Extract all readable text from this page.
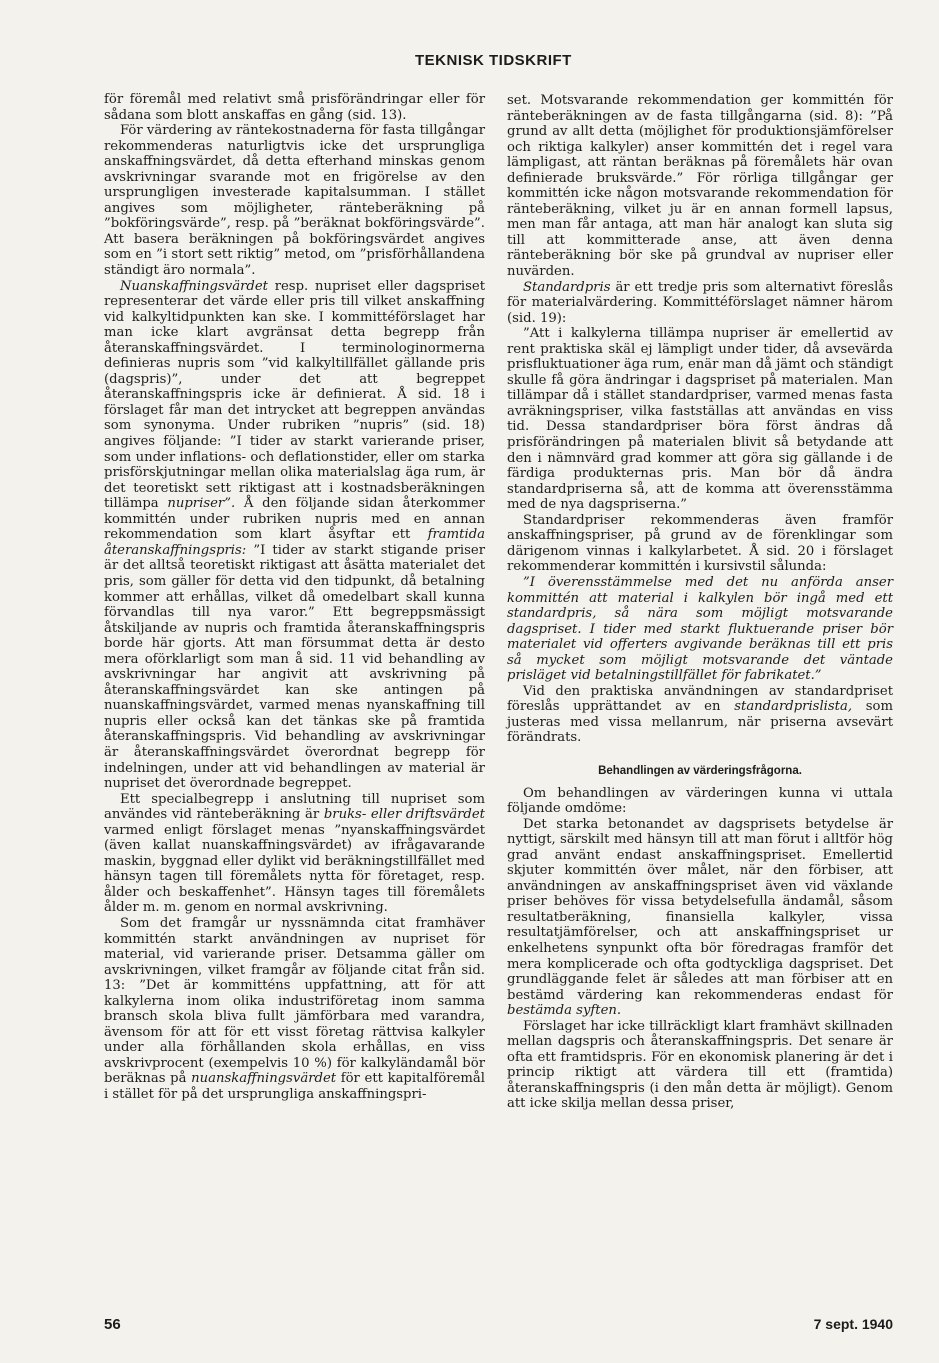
TEKNISK TIDSKRIFT

för föremål med relativt små prisförändringar eller för sådana som blott anskaffas en gång (sid. 13).

För värdering av räntekostnaderna för fasta tillgångar rekommenderas naturligtvis icke det ursprungliga anskaffningsvärdet, då detta efterhand minskas genom avskrivningar svarande mot en frigörelse av den ursprungligen investerade kapitalsumman. I stället angives som möjligheter, ränteberäkning på ”bokföringsvärde”, resp. på ”beräknat bokföringsvärde”. Att basera beräkningen på bokföringsvärdet angives som en ”i stort sett riktig” metod, om ”prisförhållandena ständigt äro normala”.

Nuanskaffningsvärdet resp. nupriset eller dagspriset representerar det värde eller pris till vilket anskaffning vid kalkyltidpunkten kan ske. I kommittéförslaget har man icke klart avgränsat detta begrepp från återanskaffningsvärdet. I terminologinormerna definieras nupris som ”vid kalkyltillfället gällande pris (dagspris)”, under det att begreppet återanskaffningspris icke är definierat. Å sid. 18 i förslaget får man det intrycket att begreppen användas som synonyma. Under rubriken ”nupris” (sid. 18) angives följande: ”I tider av starkt varierande priser, som under inflations- och deflationstider, eller om starka prisförskjutningar mellan olika materialslag äga rum, är det teoretiskt sett riktigast att i kostnadsberäkningen tillämpa nupriser”. Å den följande sidan återkommer kommittén under rubriken nupris med en annan rekommendation som klart åsyftar ett framtida återanskaffningspris: ”I tider av starkt stigande priser är det alltså teoretiskt riktigast att åsätta materialet det pris, som gäller för detta vid den tidpunkt, då betalning kommer att erhållas, vilket då omedelbart skall kunna förvandlas till nya varor.” Ett begreppsmässigt åtskiljande av nupris och framtida återanskaffningspris borde här gjorts. Att man försummat detta är desto mera oförklarligt som man å sid. 11 vid behandling av avskrivningar har angivit att avskrivning på återanskaffningsvärdet kan ske antingen på nuanskaffningsvärdet, varmed menas nyanskaffning till nupris eller också kan det tänkas ske på framtida återanskaffningspris. Vid behandling av avskrivningar är återanskaffningsvärdet överordnat begrepp för indelningen, under att vid behandlingen av material är nupriset det överordnade begreppet.

Ett specialbegrepp i anslutning till nupriset som användes vid ränteberäkning är bruks- eller driftsvärdet varmed enligt förslaget menas ”nyanskaffningsvärdet (även kallat nuanskaffningsvärdet) av ifrågavarande maskin, byggnad eller dylikt vid beräkningstillfället med hänsyn tagen till föremålets nytta för företaget, resp. ålder och beskaffenhet”. Hänsyn tages till föremålets ålder m. m. genom en normal avskrivning.

Som det framgår ur nyssnämnda citat framhäver kommittén starkt användningen av nupriset för material, vid varierande priser. Detsamma gäller om avskrivningen, vilket framgår av följande citat från sid. 13: ”Det är kommitténs uppfattning, att för att kalkylerna inom olika industriföretag inom samma bransch skola bliva fullt jämförbara med varandra, ävensom för att för ett visst företag rättvisa kalkyler under alla förhållanden skola erhållas, en viss avskrivprocent (exempelvis 10 %) för kalkyländamål bör beräknas på nuanskaffningsvärdet för ett kapitalföremål i stället för på det ursprungliga anskaffningspri-

set. Motsvarande rekommendation ger kommittén för ränteberäkningen av de fasta tillgångarna (sid. 8): ”På grund av allt detta (möjlighet för produktionsjämförelser och riktiga kalkyler) anser kommittén det i regel vara lämpligast, att räntan beräknas på föremålets här ovan definierade bruksvärde.” För rörliga tillgångar ger kommittén icke någon motsvarande rekommendation för ränteberäkning, vilket ju är en annan formell lapsus, men man får antaga, att man här analogt kan sluta sig till att kommitterade anse, att även denna ränteberäkning bör ske på grundval av nupriser eller nuvärden.

Standardpris är ett tredje pris som alternativt föreslås för materialvärdering. Kommittéförslaget nämner härom (sid. 19):

”Att i kalkylerna tillämpa nupriser är emellertid av rent praktiska skäl ej lämpligt under tider, då avsevärda prisfluktuationer äga rum, enär man då jämt och ständigt skulle få göra ändringar i dagspriset på materialen. Man tillämpar då i stället standardpriser, varmed menas fasta avräkningspriser, vilka fastställas att användas en viss tid. Dessa standardpriser böra först ändras då prisförändringen på materialen blivit så betydande att den i nämnvärd grad kommer att göra sig gällande i de färdiga produkternas pris. Man bör då ändra standardpriserna så, att de komma att överensstämma med de nya dagspriserna.”

Standardpriser rekommenderas även framför anskaffningspriser, på grund av de förenklingar som därigenom vinnas i kalkylarbetet. Å sid. 20 i förslaget rekommenderar kommittén i kursivstil sålunda:

”I överensstämmelse med det nu anförda anser kommittén att material i kalkylen bör ingå med ett standardpris, så nära som möjligt motsvarande dagspriset. I tider med starkt fluktuerande priser bör materialet vid offerters avgivande beräknas till ett pris så mycket som möjligt motsvarande det väntade prisläget vid betalningstillfället för fabrikatet.”

Vid den praktiska användningen av standardpriset föreslås upprättandet av en standardprislista, som justeras med vissa mellanrum, när priserna avsevärt förändrats.

Behandlingen av värderingsfrågorna.

Om behandlingen av värderingen kunna vi uttala följande omdöme:

Det starka betonandet av dagsprisets betydelse är nyttigt, särskilt med hänsyn till att man förut i alltför hög grad använt endast anskaffningspriset. Emellertid skjuter kommittén över målet, när den förbiser, att användningen av anskaffningspriset även vid växlande priser behöves för vissa betydelsefulla ändamål, såsom resultatberäkning, finansiella kalkyler, vissa resultatjämförelser, och att anskaffningspriset ur enkelhetens synpunkt ofta bör föredragas framför det mera komplicerade och ofta godtyckliga dagspriset. Det grundläggande felet är således att man förbiser att en bestämd värdering kan rekommenderas endast för bestämda syften.

Förslaget har icke tillräckligt klart framhävt skillnaden mellan dagspris och återanskaffningspris. Det senare är ofta ett framtidspris. För en ekonomisk planering är det i princip riktigt att värdera till ett (framtida) återanskaffningspris (i den mån detta är möjligt). Genom att icke skilja mellan dessa priser,

56	7 sept. 1940
